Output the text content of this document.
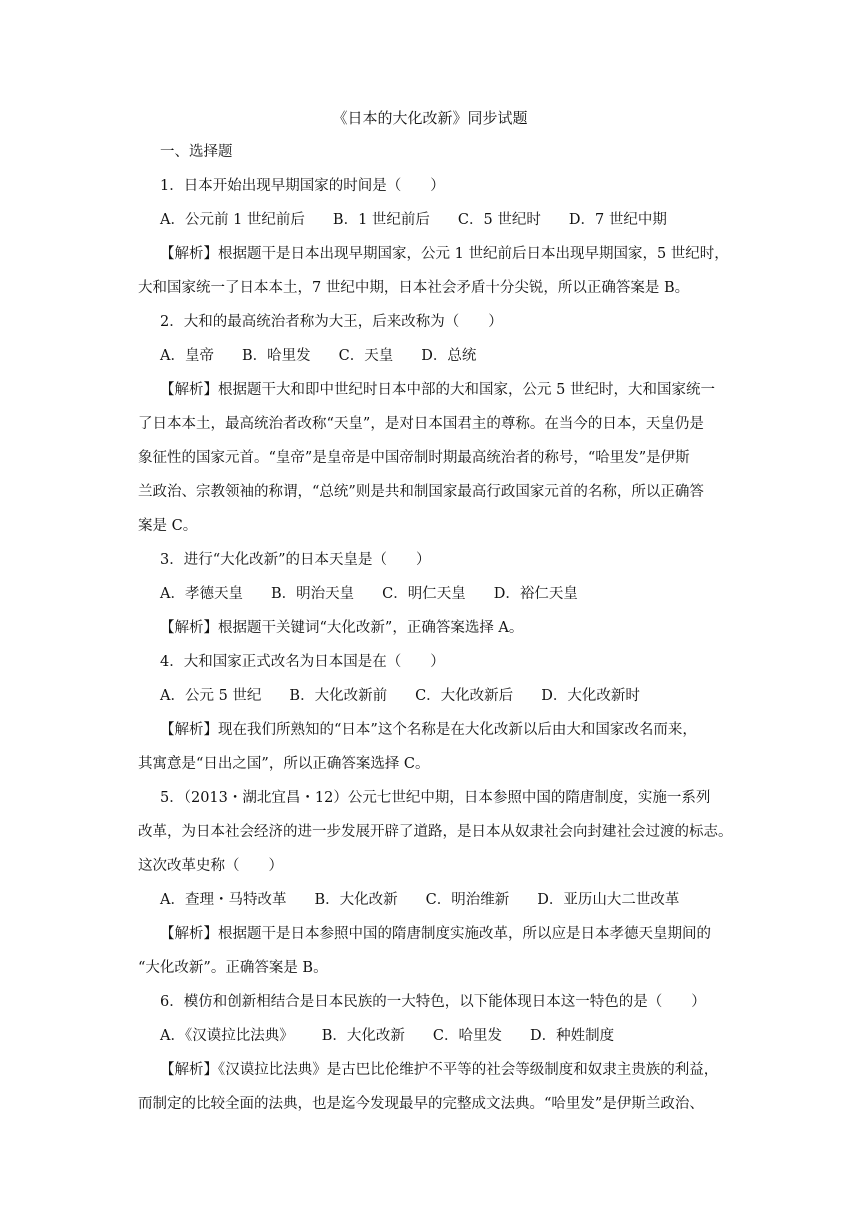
《日本的大化改新》同步试题
一、选择题
1．日本开始出现早期国家的时间是（　　）
A．公元前 1 世纪前后 B．1 世纪前后 C．5 世纪时 D．7 世纪中期
【解析】根据题干是日本出现早期国家，公元 1 世纪前后日本出现早期国家，5 世纪时，
大和国家统一了日本本土，7 世纪中期，日本社会矛盾十分尖锐，所以正确答案是 B。
2．大和的最高统治者称为大王，后来改称为（　　）
A．皇帝 B．哈里发 C．天皇 D．总统
【解析】根据题干大和即中世纪时日本中部的大和国家，公元 5 世纪时，大和国家统一
了日本本土，最高统治者改称“天皇”，是对日本国君主的尊称。在当今的日本，天皇仍是
象征性的国家元首。“皇帝”是皇帝是中国帝制时期最高统治者的称号，“哈里发”是伊斯
兰政治、宗教领袖的称谓，“总统”则是共和制国家最高行政国家元首的名称，所以正确答
案是 C。
3．进行“大化改新”的日本天皇是（　　）
A．孝德天皇 B．明治天皇 C．明仁天皇 D．裕仁天皇
【解析】根据题干关键词“大化改新”，正确答案选择 A。
4．大和国家正式改名为日本国是在（　　）
A．公元 5 世纪 B．大化改新前 C．大化改新后 D．大化改新时
【解析】现在我们所熟知的“日本”这个名称是在大化改新以后由大和国家改名而来，
其寓意是“日出之国”，所以正确答案选择 C。
5．（2013・湖北宜昌・12）公元七世纪中期，日本参照中国的隋唐制度，实施一系列
改革，为日本社会经济的进一步发展开辟了道路，是日本从奴隶社会向封建社会过渡的标志。
这次改革史称（　　）
A．查理・马特改革 B．大化改新 C．明治维新 D．亚历山大二世改革
【解析】根据题干是日本参照中国的隋唐制度实施改革，所以应是日本孝德天皇期间的
“大化改新”。正确答案是 B。
6．模仿和创新相结合是日本民族的一大特色，以下能体现日本这一特色的是（　　）
A．《汉谟拉比法典》 B．大化改新 C．哈里发 D．种姓制度
【解析】《汉谟拉比法典》是古巴比伦维护不平等的社会等级制度和奴隶主贵族的利益，
而制定的比较全面的法典，也是迄今发现最早的完整成文法典。“哈里发”是伊斯兰政治、
